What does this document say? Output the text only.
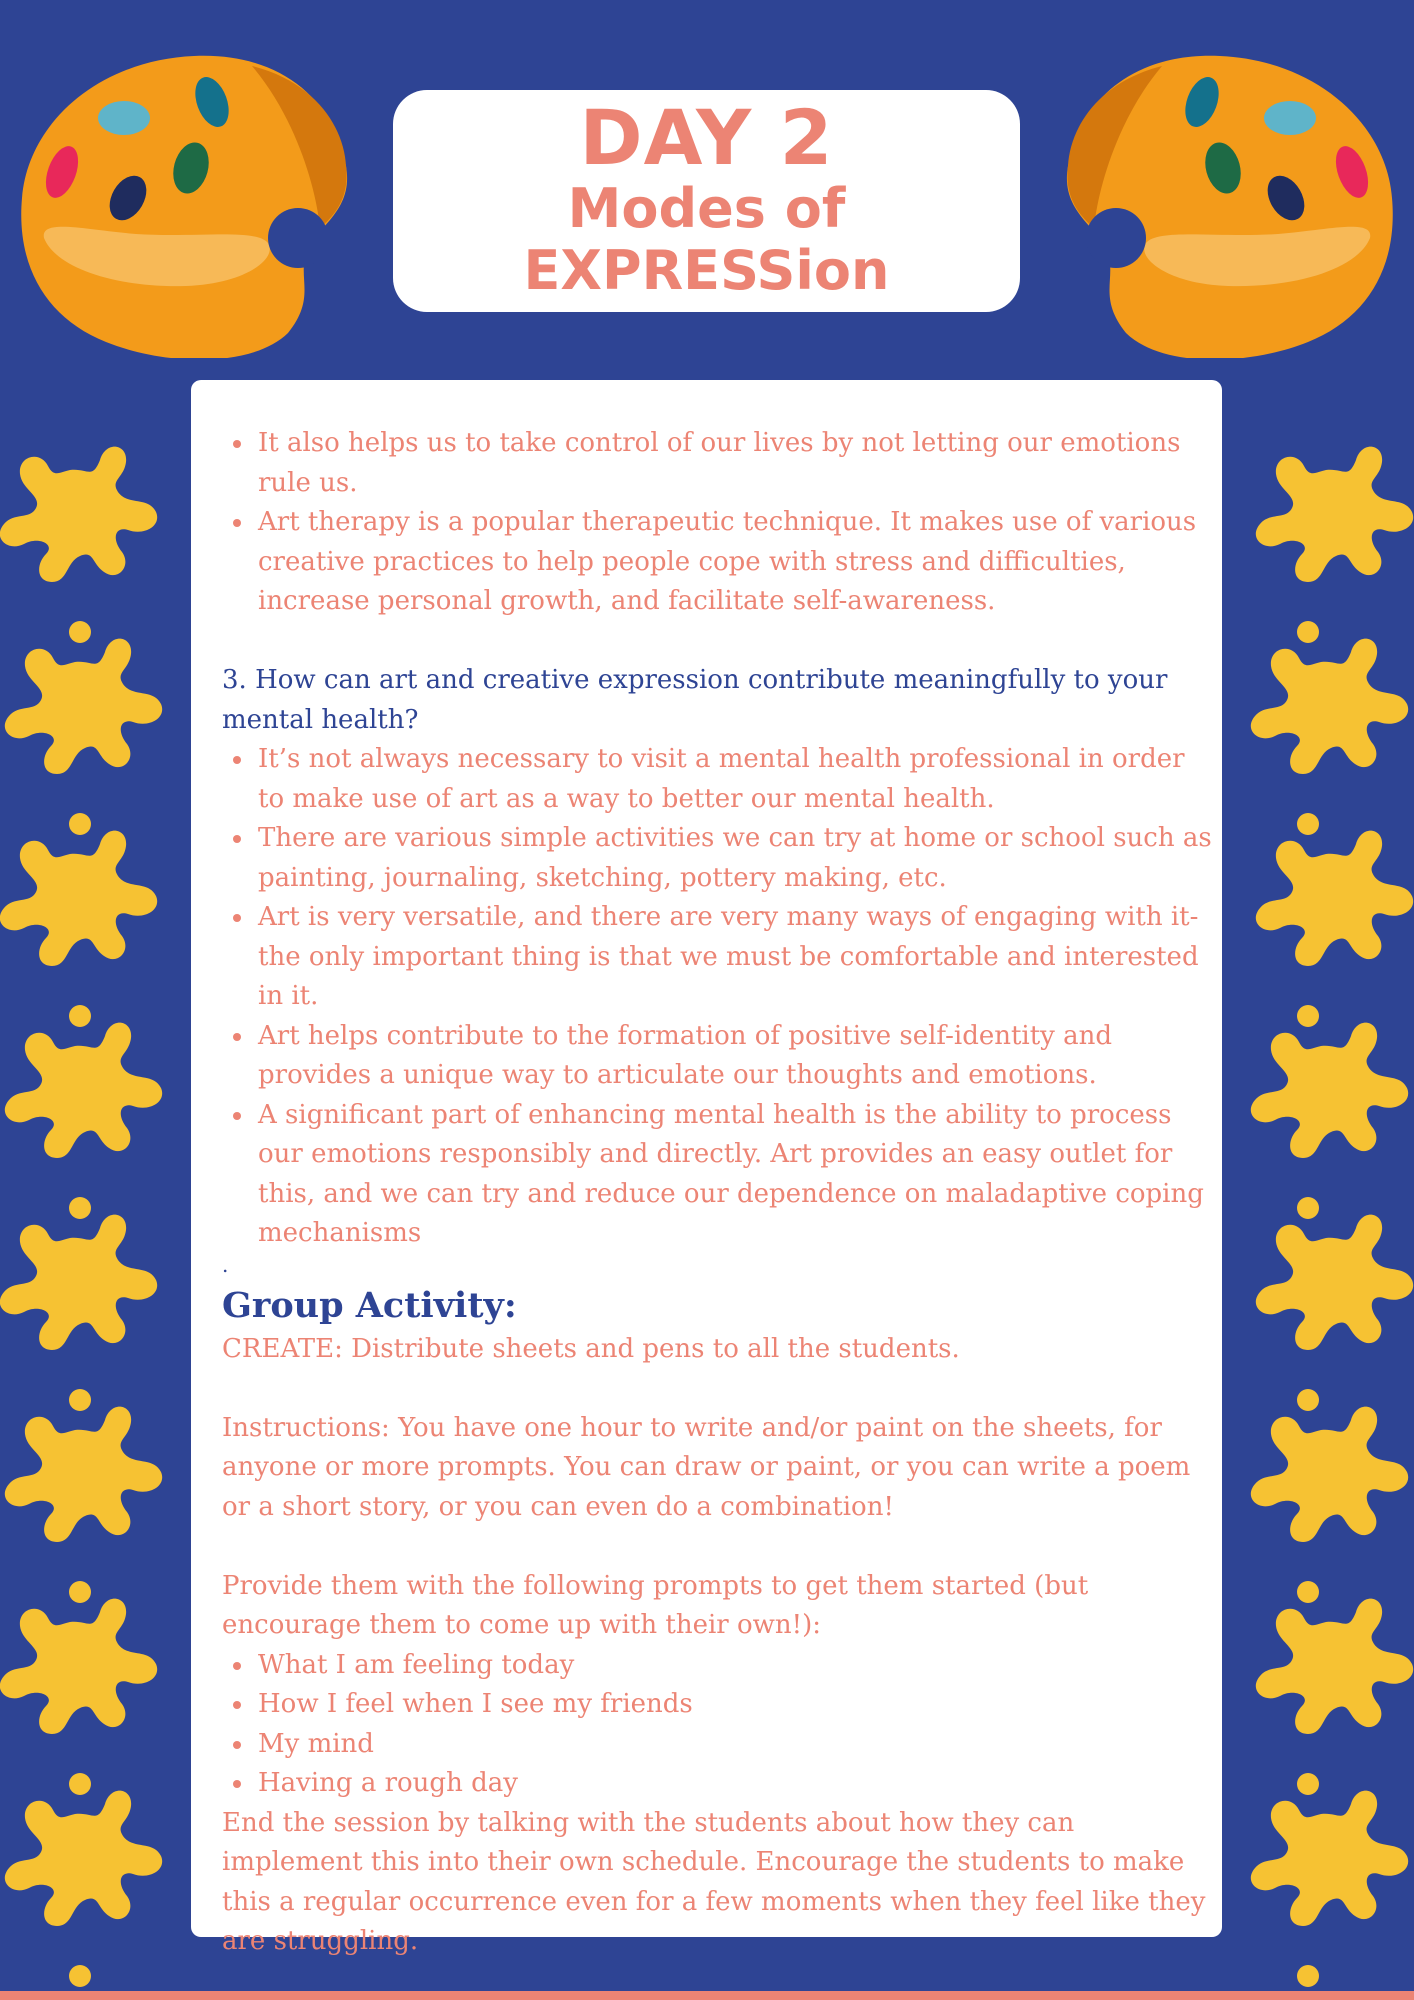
DAY 2
Modes of
EXPRESSion
It also helps us to take control of our lives by not letting our emotions rule us.
Art therapy is a popular therapeutic technique. It makes use of various creative practices to help people cope with stress and difficulties, increase personal growth, and facilitate self-awareness.

3. How can art and creative expression contribute meaningfully to your mental health?

It’s not always necessary to visit a mental health professional in order to make use of art as a way to better our mental health.
There are various simple activities we can try at home or school such as painting, journaling, sketching, pottery making, etc.
Art is very versatile, and there are very many ways of engaging with it- the only important thing is that we must be comfortable and interested in it.
Art helps contribute to the formation of positive self-identity and provides a unique way to articulate our thoughts and emotions.
A significant part of enhancing mental health is the ability to process our emotions responsibly and directly. Art provides an easy outlet for this, and we can try and reduce our dependence on maladaptive coping mechanisms
.

Group Activity:

CREATE: Distribute sheets and pens to all the students.

Instructions: You have one hour to write and/or paint on the sheets, for anyone or more prompts. You can draw or paint, or you can write a poem or a short story, or you can even do a combination!

Provide them with the following prompts to get them started (but encourage them to come up with their own!):

What I am feeling today
How I feel when I see my friends
My mind
Having a rough day

End the session by talking with the students about how they can implement this into their own schedule. Encourage the students to make this a regular occurrence even for a few moments when they feel like they are struggling.
